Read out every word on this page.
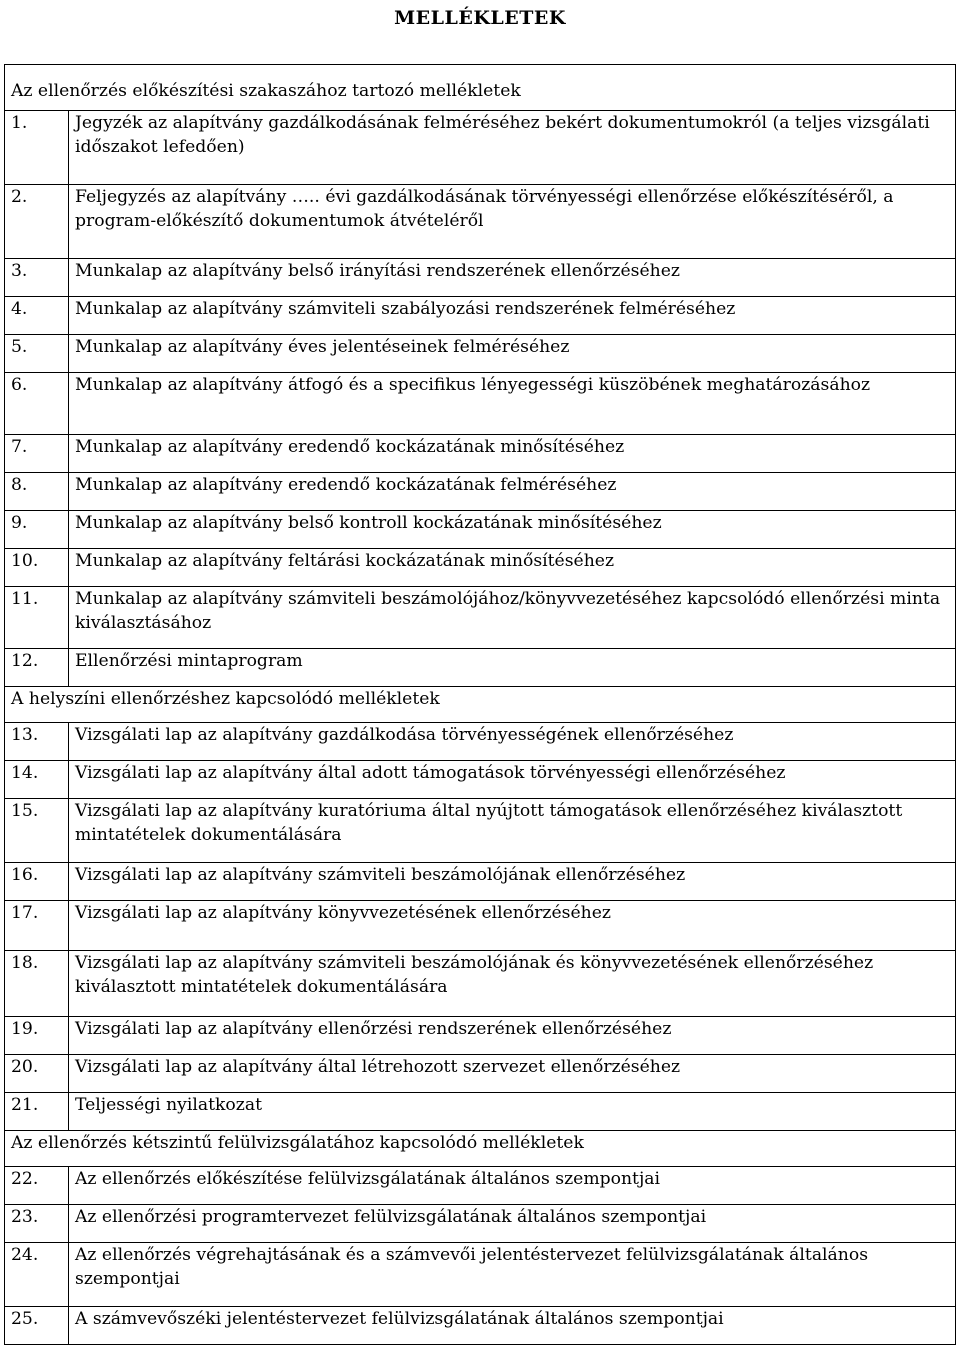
MELLÉKLETEK
Az ellenőrzés előkészítési szakaszához tartozó mellékletek	
1.	Jegyzék az alapítvány gazdálkodásának felméréséhez bekért dokumentumokról (a teljes vizsgálati időszakot lefedően)
2.	Feljegyzés az alapítvány ….. évi gazdálkodásának törvényességi ellenőrzése előkészítéséről, a program-előkészítő dokumentumok átvételéről
3.	Munkalap az alapítvány belső irányítási rendszerének ellenőrzéséhez
4.	Munkalap az alapítvány számviteli szabályozási rendszerének felméréséhez
5.	Munkalap az alapítvány éves jelentéseinek felméréséhez
6.	Munkalap az alapítvány átfogó és a specifikus lényegességi küszöbének meghatározásához
7.	Munkalap az alapítvány eredendő kockázatának minősítéséhez
8.	Munkalap az alapítvány eredendő kockázatának felméréséhez
9.	Munkalap az alapítvány belső kontroll kockázatának minősítéséhez
10.	Munkalap az alapítvány feltárási kockázatának minősítéséhez
11.	Munkalap az alapítvány számviteli beszámolójához/könyvvezetéséhez kapcsolódó ellenőrzési minta kiválasztásához
12.	Ellenőrzési mintaprogram
A helyszíni ellenőrzéshez kapcsolódó mellékletek	
13.	Vizsgálati lap az alapítvány gazdálkodása törvényességének ellenőrzéséhez
14.	Vizsgálati lap az alapítvány által adott támogatások törvényességi ellenőrzéséhez
15.	Vizsgálati lap az alapítvány kuratóriuma által nyújtott támogatások ellenőrzéséhez kiválasztott mintatételek dokumentálására
16.	Vizsgálati lap az alapítvány számviteli beszámolójának ellenőrzéséhez
17.	Vizsgálati lap az alapítvány könyvvezetésének ellenőrzéséhez
18.	Vizsgálati lap az alapítvány számviteli beszámolójának és könyvvezetésének ellenőrzéséhez kiválasztott mintatételek dokumentálására
19.	Vizsgálati lap az alapítvány ellenőrzési rendszerének ellenőrzéséhez
20.	Vizsgálati lap az alapítvány által létrehozott szervezet ellenőrzéséhez
21.	Teljességi nyilatkozat
Az ellenőrzés kétszintű felülvizsgálatához kapcsolódó mellékletek	
22.	Az ellenőrzés előkészítése felülvizsgálatának általános szempontjai
23.	Az ellenőrzési programtervezet felülvizsgálatának általános szempontjai
24.	Az ellenőrzés végrehajtásának és a számvevői jelentéstervezet felülvizsgálatának általános szempontjai
25.	A számvevőszéki jelentéstervezet felülvizsgálatának általános szempontjai
